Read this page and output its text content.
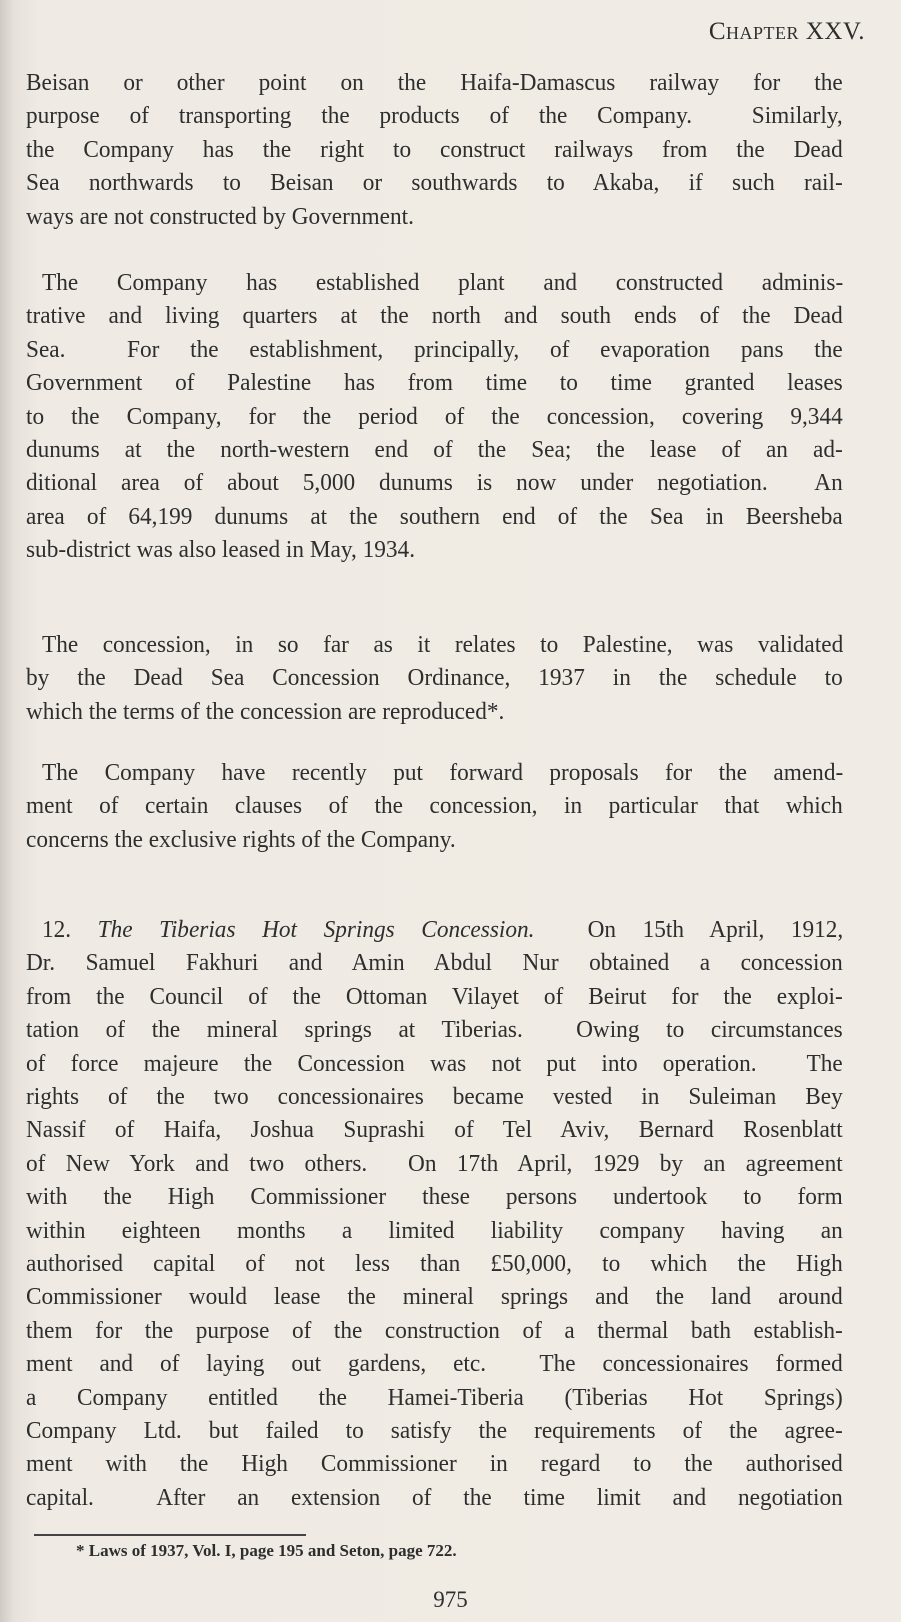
Chapter XXV.
Beisan or other point on the Haifa-Damascus railway for the
purpose of transporting the products of the Company.  Similarly,
the Company has the right to construct railways from the Dead
Sea northwards to Beisan or southwards to Akaba, if such rail-
ways are not constructed by Government.
The Company has established plant and constructed adminis-
trative and living quarters at the north and south ends of the Dead
Sea.  For the establishment, principally, of evaporation pans the
Government of Palestine has from time to time granted leases
to the Company, for the period of the concession, covering 9,344
dunums at the north-western end of the Sea; the lease of an ad-
ditional area of about 5,000 dunums is now under negotiation.  An
area of 64,199 dunums at the southern end of the Sea in Beersheba
sub-district was also leased in May, 1934.
The concession, in so far as it relates to Palestine, was validated
by the Dead Sea Concession Ordinance, 1937 in the schedule to
which the terms of the concession are reproduced*.
The Company have recently put forward proposals for the amend-
ment of certain clauses of the concession, in particular that which
concerns the exclusive rights of the Company.
12. The Tiberias Hot Springs Concession.  On 15th April, 1912,
Dr. Samuel Fakhuri and Amin Abdul Nur obtained a concession
from the Council of the Ottoman Vilayet of Beirut for the exploi-
tation of the mineral springs at Tiberias.  Owing to circumstances
of force majeure the Concession was not put into operation.  The
rights of the two concessionaires became vested in Suleiman Bey
Nassif of Haifa, Joshua Suprashi of Tel Aviv, Bernard Rosenblatt
of New York and two others.  On 17th April, 1929 by an agreement
with the High Commissioner these persons undertook to form
within eighteen months a limited liability company having an
authorised capital of not less than £50,000, to which the High
Commissioner would lease the mineral springs and the land around
them for the purpose of the construction of a thermal bath establish-
ment and of laying out gardens, etc.  The concessionaires formed
a Company entitled the Hamei-Tiberia (Tiberias Hot Springs)
Company Ltd. but failed to satisfy the requirements of the agree-
ment with the High Commissioner in regard to the authorised
capital.  After an extension of the time limit and negotiation
* Laws of 1937, Vol. I, page 195 and Seton, page 722.
975
